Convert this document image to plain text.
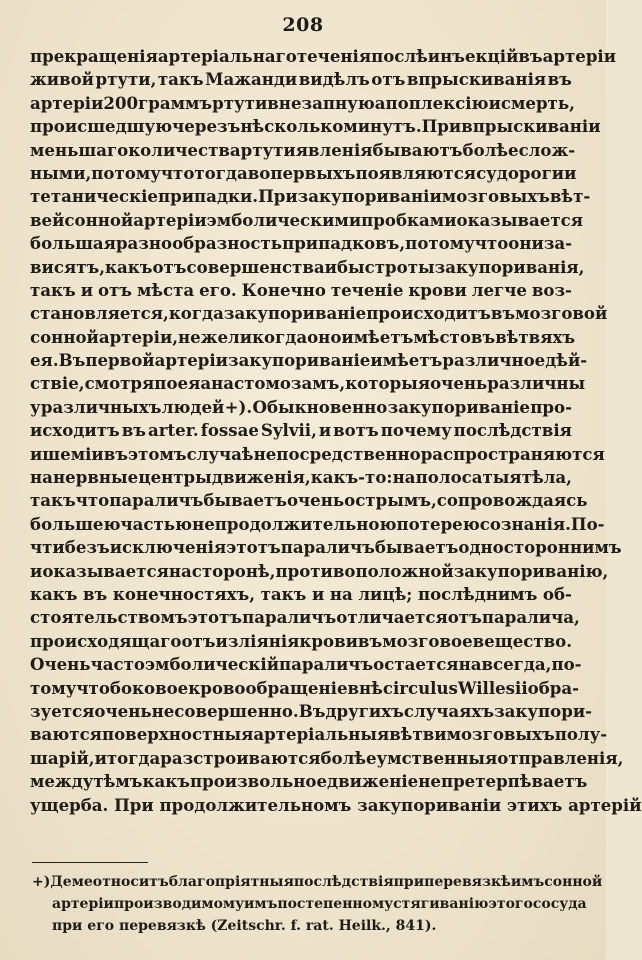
208
прекращенія артеріальнаго теченія послѣ инъекцій въ артеріи
живой ртути, такъ Мажанди видѣлъ отъ впрыскиванія въ
артеріи 200 граммъ ртути внезапную апоплексію и смерть,
происшедшую черезъ нѣсколько минутъ. При впрыскиваніи
меньшаго количества ртути явленія бываютъ болѣе слож-
ными, потому что тогда во первыхъ появляются судороги и
тетаническіе припадки. При закупориваніи мозговыхъ вѣт-
вей сонной артеріи эмболическими пробками оказывается
большая разнообразность припадковъ, потому что они за-
висятъ, какъ отъ совершенства и быстроты закупориванія,
такъ и отъ мѣста его. Конечно теченіе крови легче воз-
становляется, когда закупориваніе происходитъ въ мозговой
сонной артеріи, нежели когда оно имѣетъ мѣсто въ вѣтвяхъ
ея. Въ первой артеріи закупориваніе имѣетъ различное дѣй-
ствіе, смотря по ея анастомозамъ, которыя очень различны
у различныхъ людей +). Обыкновенно закупориваніе про-
исходитъ въ arter. fossae Sylvii, и вотъ почему послѣдствія
ишеміи въ этомъ случаѣ непосредственно распространяются
на нервные центры движенія, какъ-то: на полосатыя тѣла,
такъ что параличъ бываетъ очень острымъ, сопровождаясь
большею частью непродолжительною потерею сознанія. По-
чти безъ исключенія этотъ параличъ бываетъ одностороннимъ
и оказывается на сторонѣ, противоположной закупориванію,
какъ въ конечностяхъ, такъ и на лицѣ; послѣднимъ об-
стоятельствомъ этотъ параличъ отличается отъ паралича,
происходящаго отъ изліянія крови въ мозговое вещество.
Очень часто эмболическій параличъ остается на всегда, по-
тому что боковое кровообращеніе внѣ circulus Willesii обра-
зуется очень несовершенно. Въ другихъ случаяхъ закупори-
ваются поверхностныя артеріальныя вѣтви мозговыхъ полу-
шарій, и тогда разстроиваются болѣе умственныя отправленія,
между тѣмъ какъ произвольное движеніе не претерпѣваетъ
ущерба. При продолжительномъ закупориваніи этихъ артерій
+) Деме относитъ благопріятныя послѣдствія при перевязкѣ имъ сонной
артеріи производимому имъ постепенному стягиванію этого сосуда
при его перевязкѣ (Zeitschr. f. rat. Heilk., 841).
